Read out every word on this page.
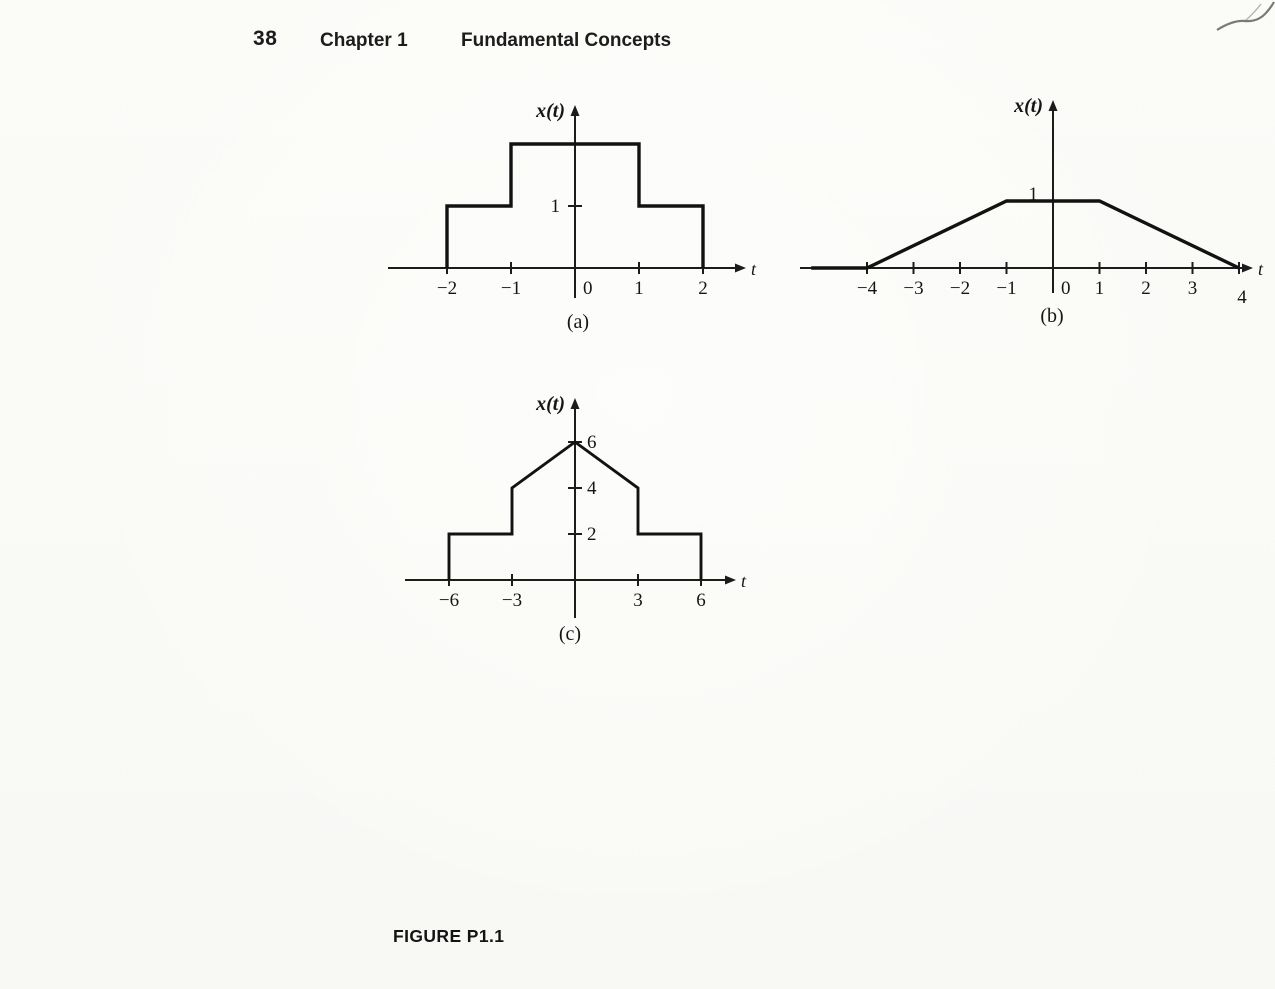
38 Chapter 1	Fundamental Concepts
t
x(t)
−2 −1	1	2
0
1
(a)
t
x(t)
−4 −3 −2 −1	1 2 3 4
0
1
(b)
t
x(t)
−6 −3	3	6
2
4
6
(c)
FIGURE P1.1
